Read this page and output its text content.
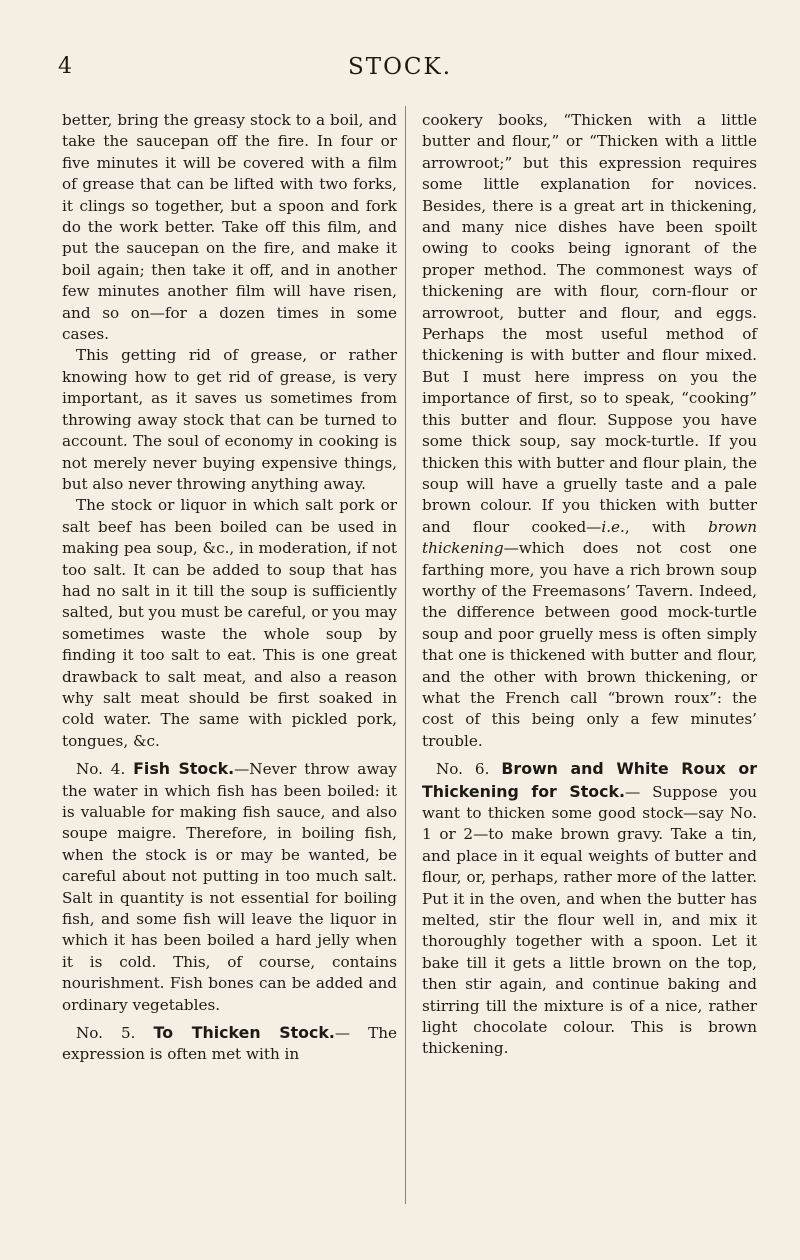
4	STOCK.

better, bring the greasy stock to a boil, and take the saucepan off the fire. In four or five minutes it will be covered with a film of grease that can be lifted with two forks, it clings so together, but a spoon and fork do the work better. Take off this film, and put the saucepan on the fire, and make it boil again; then take it off, and in another few minutes another film will have risen, and so on—for a dozen times in some cases.

This getting rid of grease, or rather knowing how to get rid of grease, is very important, as it saves us sometimes from throwing away stock that can be turned to account. The soul of economy in cooking is not merely never buying expensive things, but also never throwing anything away.

The stock or liquor in which salt pork or salt beef has been boiled can be used in making pea soup, &c., in moderation, if not too salt. It can be added to soup that has had no salt in it till the soup is sufficiently salted, but you must be careful, or you may sometimes waste the whole soup by finding it too salt to eat. This is one great drawback to salt meat, and also a reason why salt meat should be first soaked in cold water. The same with pickled pork, tongues, &c.

No. 4. Fish Stock.—Never throw away the water in which fish has been boiled: it is valuable for making fish sauce, and also soupe maigre. Therefore, in boiling fish, when the stock is or may be wanted, be careful about not putting in too much salt. Salt in quantity is not essential for boiling fish, and some fish will leave the liquor in which it has been boiled a hard jelly when it is cold. This, of course, contains nourishment. Fish bones can be added and ordinary vegetables.

No. 5. To Thicken Stock.— The expression is often met with in

cookery books, “Thicken with a little butter and flour,” or “Thicken with a little arrowroot;” but this expression requires some little explanation for novices. Besides, there is a great art in thickening, and many nice dishes have been spoilt owing to cooks being ignorant of the proper method. The commonest ways of thickening are with flour, corn-flour or arrowroot, butter and flour, and eggs. Perhaps the most useful method of thickening is with butter and flour mixed. But I must here impress on you the importance of first, so to speak, “cooking” this butter and flour. Suppose you have some thick soup, say mock-turtle. If you thicken this with butter and flour plain, the soup will have a gruelly taste and a pale brown colour. If you thicken with butter and flour cooked—i.e., with brown thickening—which does not cost one farthing more, you have a rich brown soup worthy of the Freemasons’ Tavern. Indeed, the difference between good mock-turtle soup and poor gruelly mess is often simply that one is thickened with butter and flour, and the other with brown thickening, or what the French call “brown roux”: the cost of this being only a few minutes’ trouble.

No. 6. Brown and White Roux or Thickening for Stock.— Suppose you want to thicken some good stock—say No. 1 or 2—to make brown gravy. Take a tin, and place in it equal weights of butter and flour, or, perhaps, rather more of the latter. Put it in the oven, and when the butter has melted, stir the flour well in, and mix it thoroughly together with a spoon. Let it bake till it gets a little brown on the top, then stir again, and continue baking and stirring till the mixture is of a nice, rather light chocolate colour. This is brown thickening.
